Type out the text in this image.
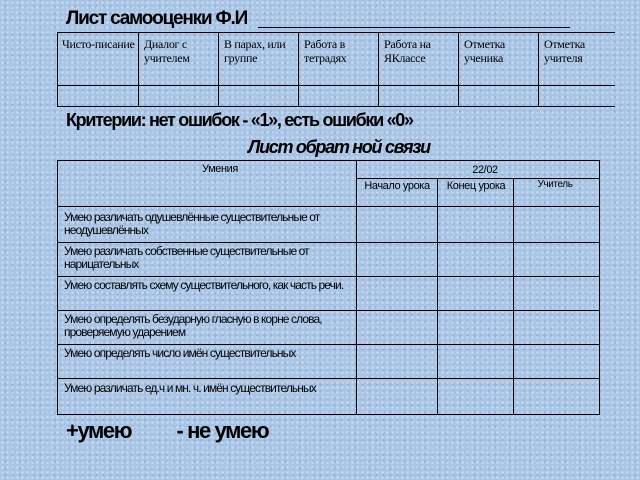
Лист самооценки Ф.И
Чисто-писание Диалог с учителем
В парах, или группе
Работа в тетрадях
Работа на ЯКлассе
Отметка ученика
Отметка учителя
Критерии: нет ошибок - «1», есть ошибки «0»
Лист обрат ной связи
Умения	22/02
Начало урока Конец урока	Учитель
Умею различать одушевлённые существительные от неодушевлённых
Умею различать собственные существительные от нарицательных
Умею составлять схему существительного, как часть речи.
Умею определять безударную гласную в корне слова, проверяемую ударением
Умею определять число имён существительных
Умею различать ед.ч и мн. ч. имён существительных
+умею - не умею
